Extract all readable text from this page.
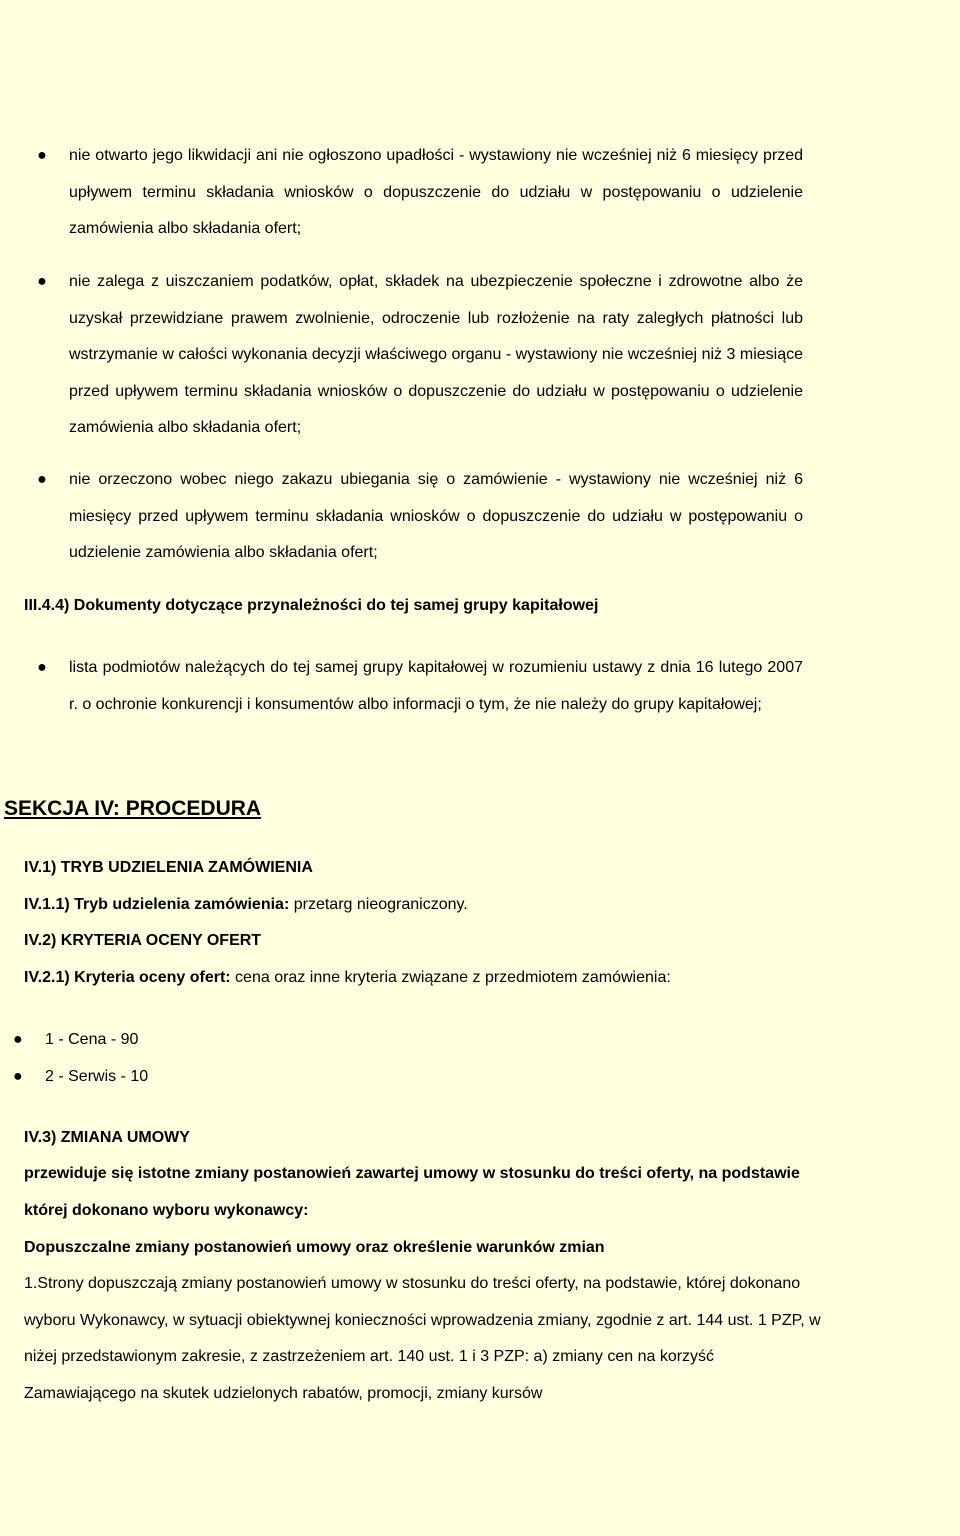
●	nie otwarto jego likwidacji ani nie ogłoszono upadłości - wystawiony nie wcześniej niż 6 miesięcy przed upływem terminu składania wniosków o dopuszczenie do udziału w postępowaniu o udzielenie zamówienia albo składania ofert;
●	nie zalega z uiszczaniem podatków, opłat, składek na ubezpieczenie społeczne i zdrowotne albo że uzyskał przewidziane prawem zwolnienie, odroczenie lub rozłożenie na raty zaległych płatności lub wstrzymanie w całości wykonania decyzji właściwego organu - wystawiony nie wcześniej niż 3 miesiące przed upływem terminu składania wniosków o dopuszczenie do udziału w postępowaniu o udzielenie zamówienia albo składania ofert;
●	nie orzeczono wobec niego zakazu ubiegania się o zamówienie - wystawiony nie wcześniej niż 6 miesięcy przed upływem terminu składania wniosków o dopuszczenie do udziału w postępowaniu o udzielenie zamówienia albo składania ofert;
III.4.4) Dokumenty dotyczące przynależności do tej samej grupy kapitałowej
●	lista podmiotów należących do tej samej grupy kapitałowej w rozumieniu ustawy z dnia 16 lutego 2007 r. o ochronie konkurencji i konsumentów albo informacji o tym, że nie należy do grupy kapitałowej;
SEKCJA IV: PROCEDURA
IV.1) TRYB UDZIELENIA ZAMÓWIENIA
IV.1.1) Tryb udzielenia zamówienia: przetarg nieograniczony.
IV.2) KRYTERIA OCENY OFERT
IV.2.1) Kryteria oceny ofert: cena oraz inne kryteria związane z przedmiotem zamówienia:
● 1 - Cena - 90
● 2 - Serwis - 10
IV.3) ZMIANA UMOWY
przewiduje się istotne zmiany postanowień zawartej umowy w stosunku do treści oferty, na podstawie której dokonano wyboru wykonawcy:
Dopuszczalne zmiany postanowień umowy oraz określenie warunków zmian
1.Strony dopuszczają zmiany postanowień umowy w stosunku do treści oferty, na podstawie, której dokonano wyboru Wykonawcy, w sytuacji obiektywnej konieczności wprowadzenia zmiany, zgodnie z art. 144 ust. 1 PZP, w niżej przedstawionym zakresie, z zastrzeżeniem art. 140 ust. 1 i 3 PZP: a) zmiany cen na korzyść Zamawiającego na skutek udzielonych rabatów, promocji, zmiany kursów
